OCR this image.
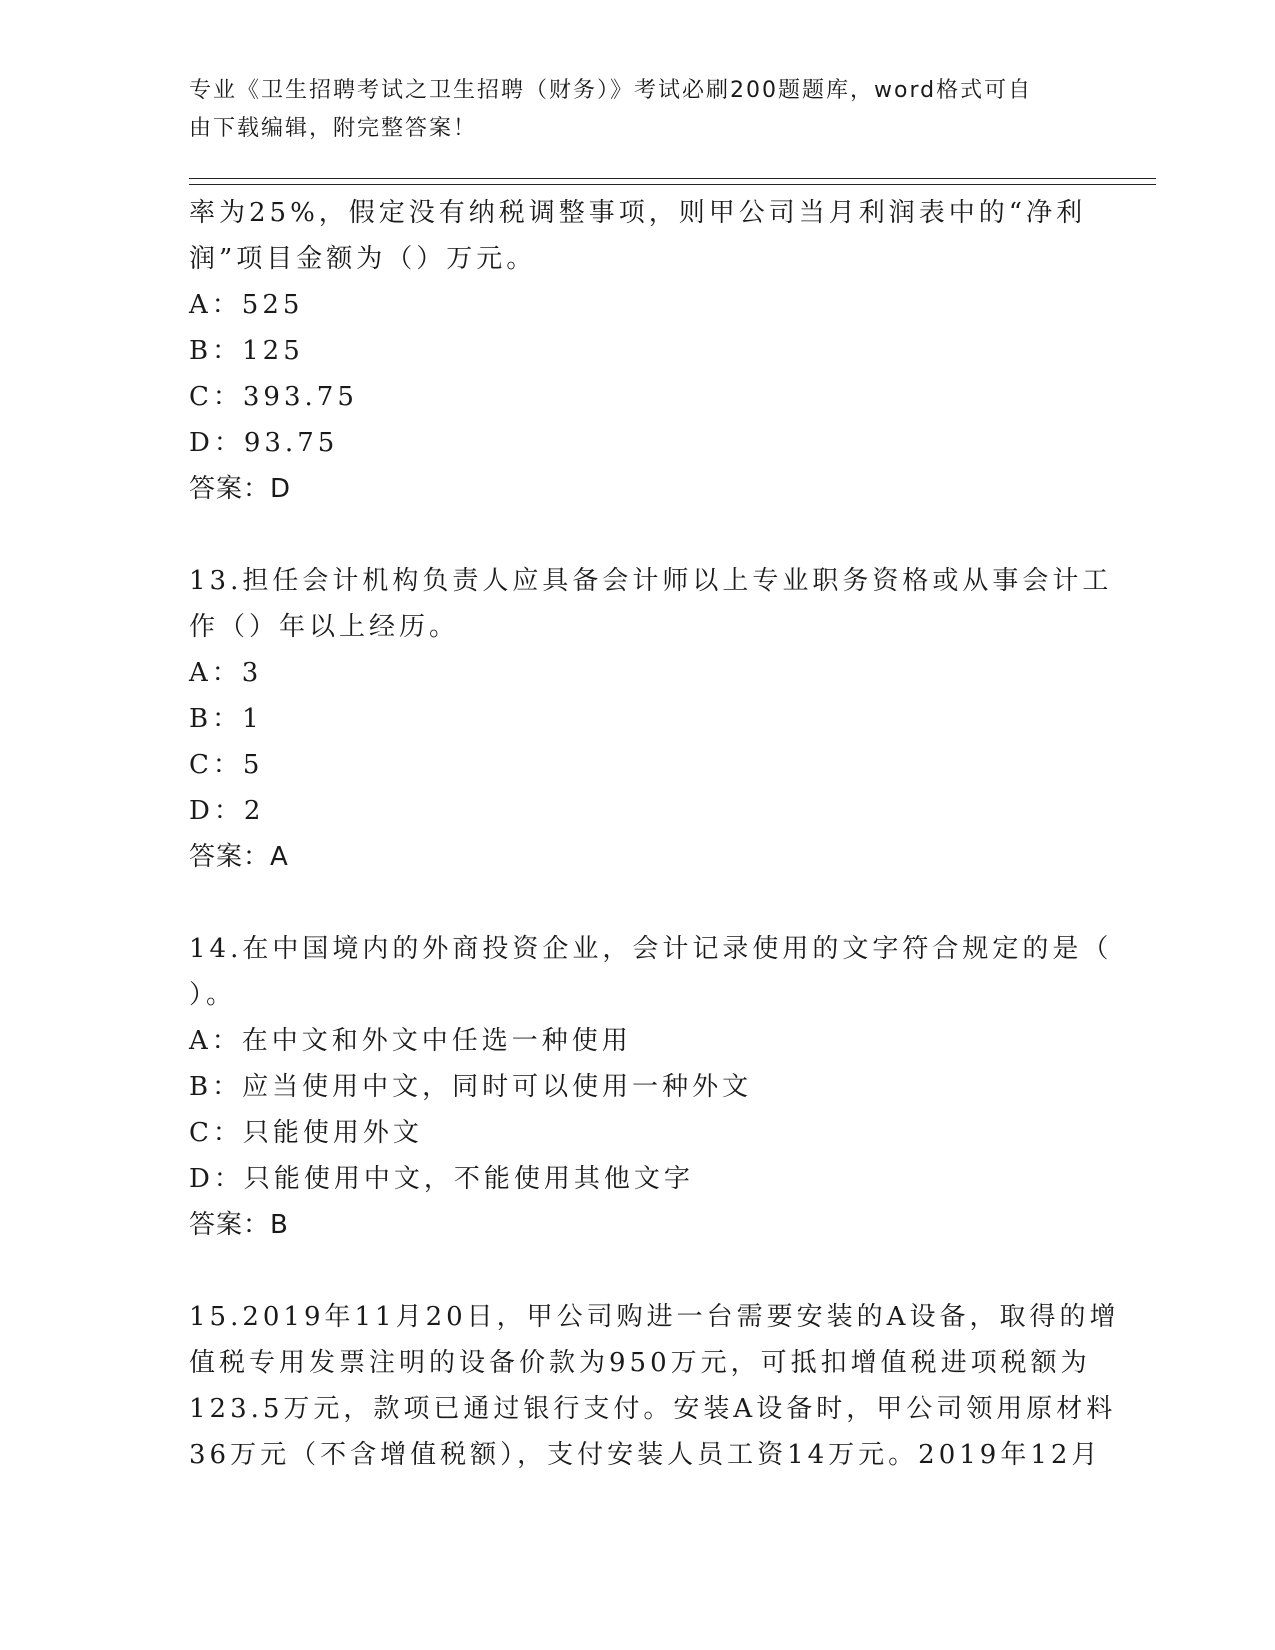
专业《卫生招聘考试之卫生招聘（财务）》考试必刷200题题库，word格式可自
由下载编辑，附完整答案！
率为25%，假定没有纳税调整事项，则甲公司当月利润表中的“净利
润”项目金额为（）万元。
A：525
B：125
C：393.75
D：93.75
答案：D
13.担任会计机构负责人应具备会计师以上专业职务资格或从事会计工
作（）年以上经历。
A：3
B：1
C：5
D：2
答案：A
14.在中国境内的外商投资企业，会计记录使用的文字符合规定的是（
）。
A：在中文和外文中任选一种使用
B：应当使用中文，同时可以使用一种外文
C：只能使用外文
D：只能使用中文，不能使用其他文字
答案：B
15.2019年11月20日，甲公司购进一台需要安装的A设备，取得的增
值税专用发票注明的设备价款为950万元，可抵扣增值税进项税额为
123.5万元，款项已通过银行支付。安装A设备时，甲公司领用原材料
36万元（不含增值税额），支付安装人员工资14万元。2019年12月
